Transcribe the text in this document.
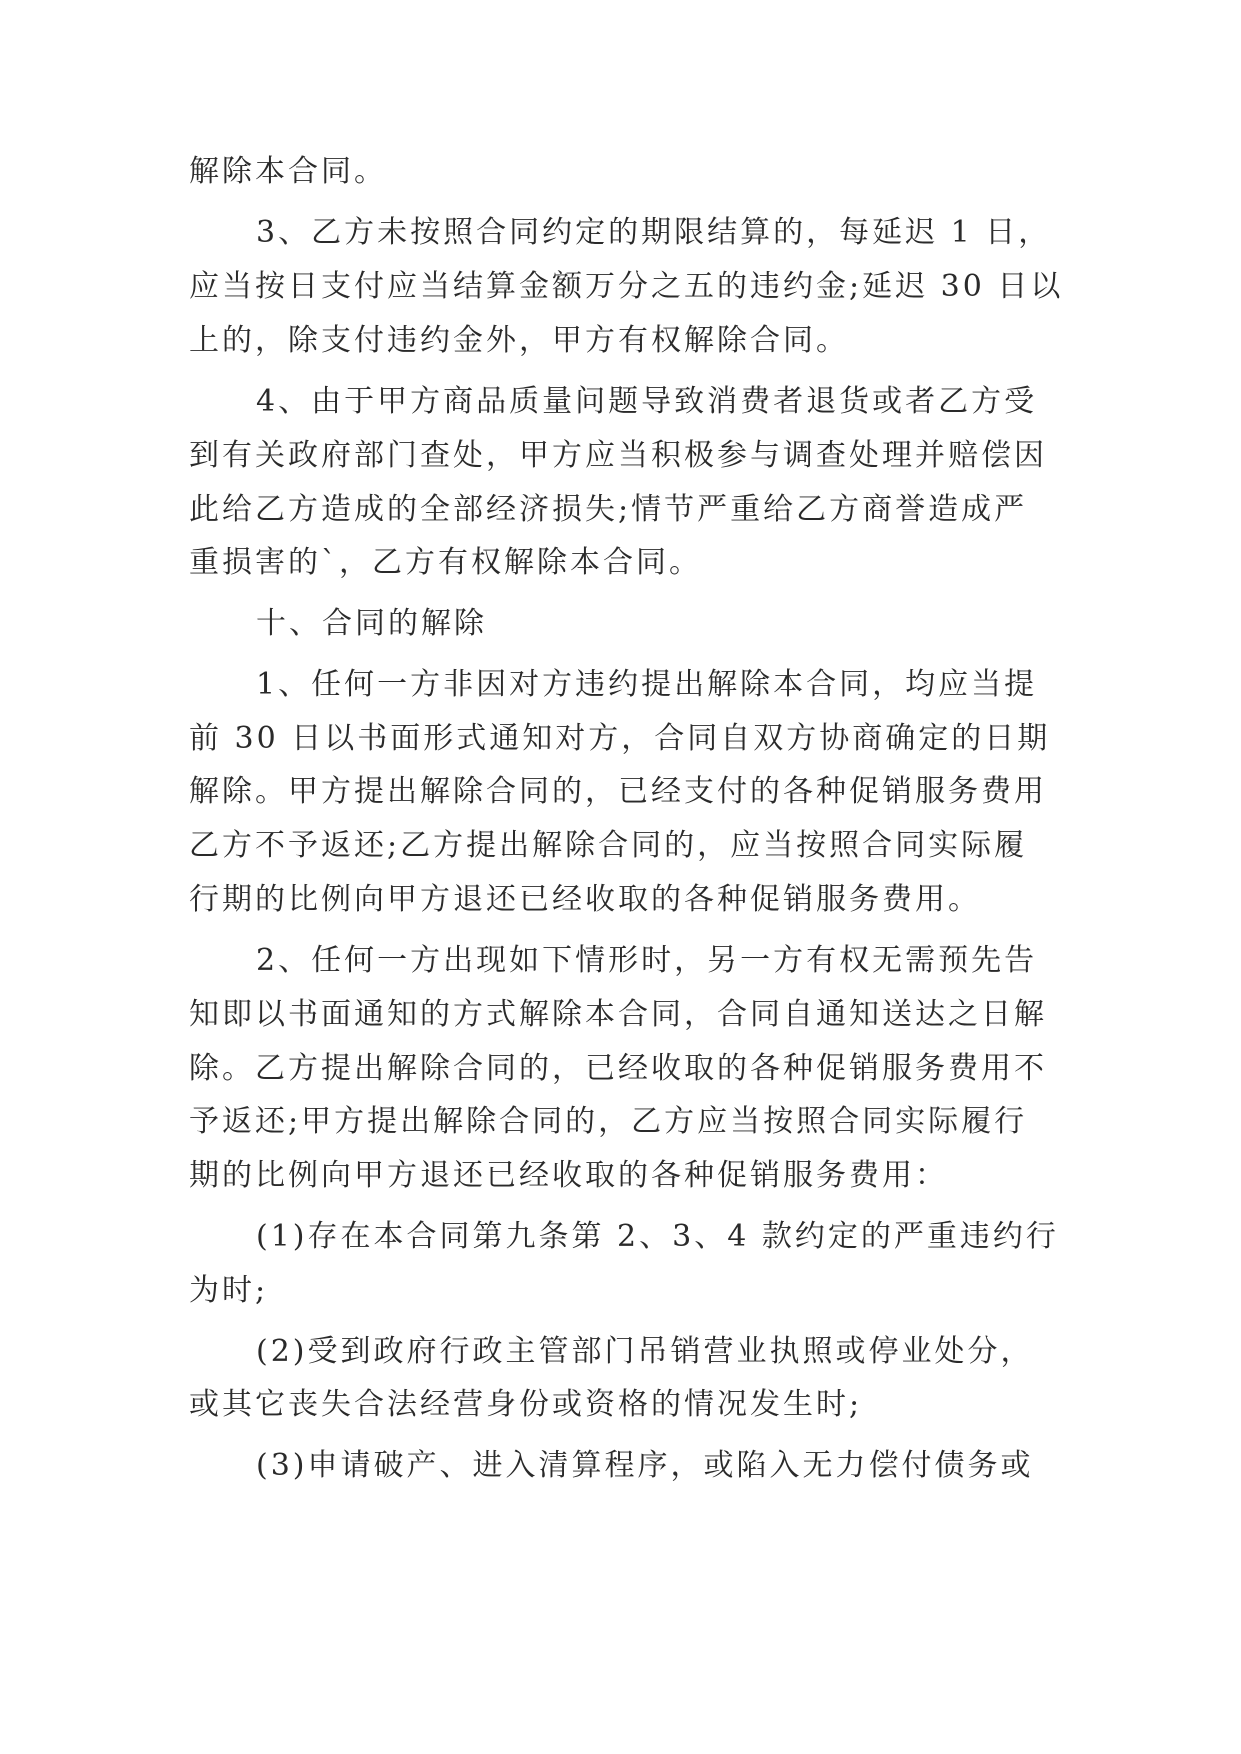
解除本合同。

3、乙方未按照合同约定的期限结算的，每延迟 1 日，

应当按日支付应当结算金额万分之五的违约金;延迟 30 日以

上的，除支付违约金外，甲方有权解除合同。

4、由于甲方商品质量问题导致消费者退货或者乙方受

到有关政府部门查处，甲方应当积极参与调查处理并赔偿因

此给乙方造成的全部经济损失;情节严重给乙方商誉造成严

重损害的`，乙方有权解除本合同。

十、合同的解除

1、任何一方非因对方违约提出解除本合同，均应当提

前 30 日以书面形式通知对方，合同自双方协商确定的日期

解除。甲方提出解除合同的，已经支付的各种促销服务费用

乙方不予返还;乙方提出解除合同的，应当按照合同实际履

行期的比例向甲方退还已经收取的各种促销服务费用。

2、任何一方出现如下情形时，另一方有权无需预先告

知即以书面通知的方式解除本合同，合同自通知送达之日解

除。乙方提出解除合同的，已经收取的各种促销服务费用不

予返还;甲方提出解除合同的，乙方应当按照合同实际履行

期的比例向甲方退还已经收取的各种促销服务费用：

(1)存在本合同第九条第 2、3、4 款约定的严重违约行

为时;

(2)受到政府行政主管部门吊销营业执照或停业处分，

或其它丧失合法经营身份或资格的情况发生时;

(3)申请破产、进入清算程序，或陷入无力偿付债务或
